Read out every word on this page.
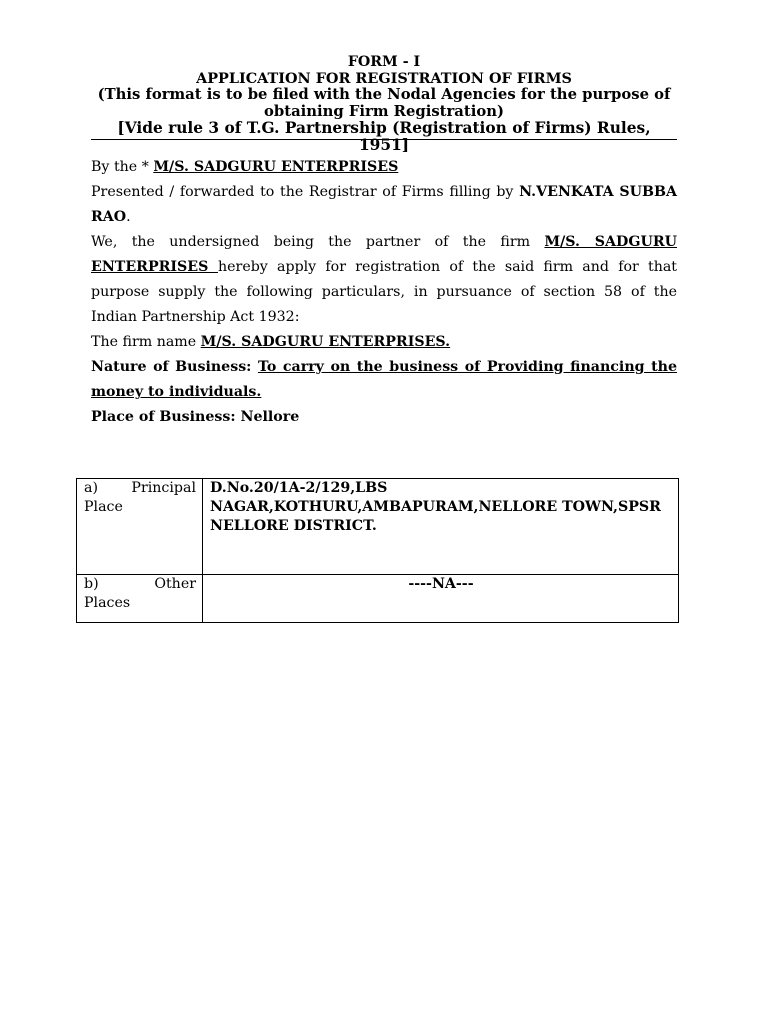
FORM - I
APPLICATION FOR REGISTRATION OF FIRMS
(This format is to be filed with the Nodal Agencies for the purpose of
obtaining Firm Registration)
[Vide rule 3 of T.G. Partnership (Registration of Firms) Rules, 1951]

By the * M/S. SADGURU ENTERPRISES

Presented / forwarded to the Registrar of Firms filling by N.VENKATA SUBBA RAO.

We, the undersigned being the partner of the firm M/S. SADGURU ENTERPRISES hereby apply for registration of the said firm and for that purpose supply the following particulars, in pursuance of section 58 of the Indian Partnership Act 1932:

The firm name M/S. SADGURU ENTERPRISES.

Nature of Business: To carry on the business of Providing financing the money to individuals.

Place of Business: Nellore

a) Principal
Place	D.No.20/1A-2/129,LBS NAGAR,KOTHURU,AMBAPURAM,NELLORE TOWN,SPSR NELLORE DISTRICT.

b) Other
Places	----NA---
